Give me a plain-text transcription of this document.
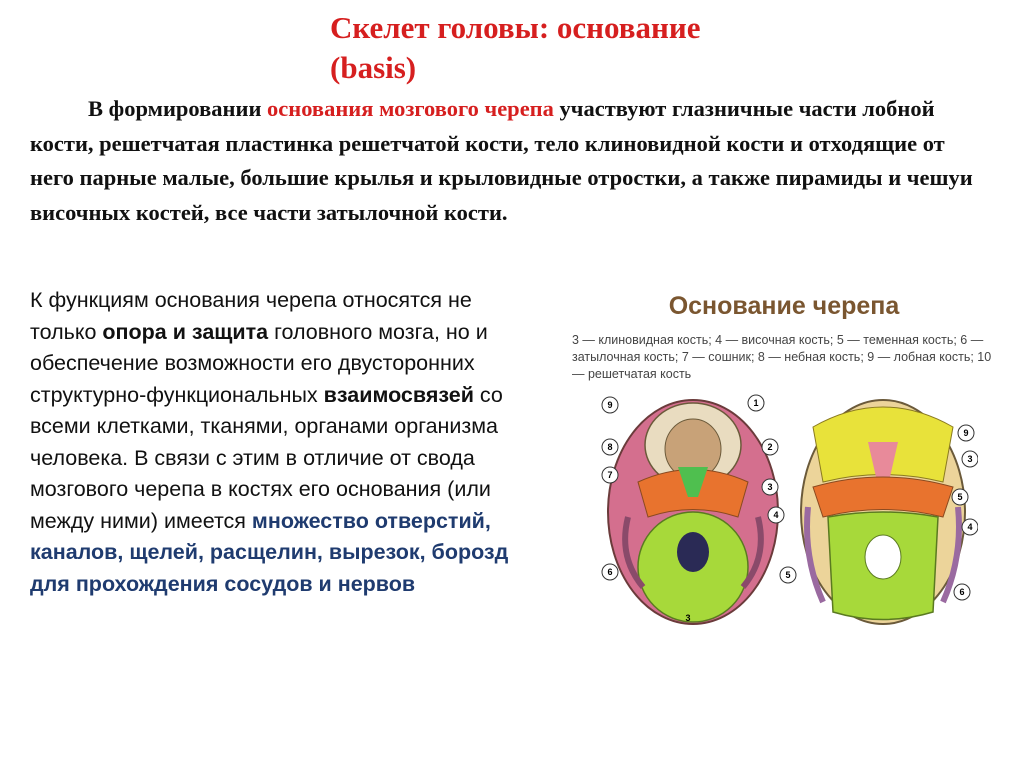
Скелет головы: основание
(basis)

В формировании основания мозгового черепа участвуют глазничные части лобной кости, решетчатая пластинка решетчатой кости, тело клиновидной кости и отходящие от него парные малые, большие крылья и крыловидные отростки, а также пирамиды и чешуи височных костей, все части затылочной кости.

К функциям основания черепа относятся не только опора и защита головного мозга, но и обеспечение возможности его двусторонних структурно-функциональных взаимосвязей со всеми клетками, тканями, органами организма человека. В связи с этим в отличие от свода мозгового черепа в костях его основания (или между ними) имеется множество отверстий, каналов, щелей, расщелин, вырезок, борозд для прохождения сосудов и нервов

Основание черепа

3 — клиновидная кость; 4 — височная кость; 5 — теменная кость; 6 — затылочная кость; 7 — сошник; 8 — небная кость; 9 — лобная кость; 10 — решетчатая кость

9	1
8	2
7
3
4
6
9
3
5
4
5
6
3
